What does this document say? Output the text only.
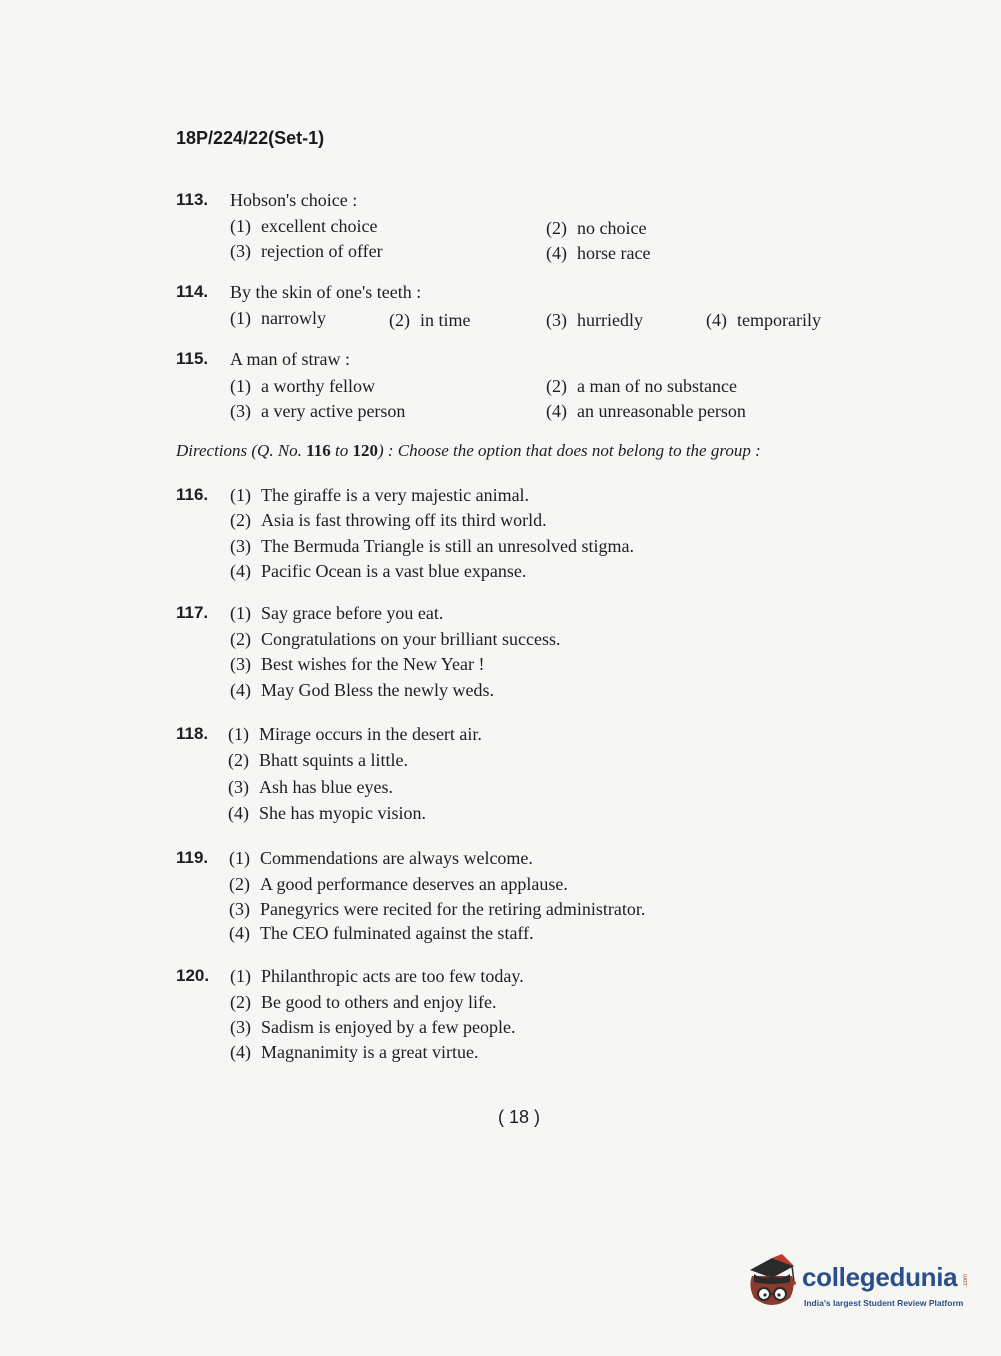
18P/224/22(Set-1)
113. Hobson's choice :
(1) excellent choice	(2) no choice
(3) rejection of offer	(4) horse race
114. By the skin of one's teeth :
(1) narrowly	(2) in time	(3) hurriedly	(4) temporarily
115. A man of straw :
(1) a worthy fellow	(2) a man of no substance
(3) a very active person	(4) an unreasonable person
Directions (Q. No. 116 to 120) : Choose the option that does not belong to the group :
116. (1) The giraffe is a very majestic animal.
(2) Asia is fast throwing off its third world.
(3) The Bermuda Triangle is still an unresolved stigma.
(4) Pacific Ocean is a vast blue expanse.
117. (1) Say grace before you eat.
(2) Congratulations on your brilliant success.
(3) Best wishes for the New Year !
(4) May God Bless the newly weds.
118. (1) Mirage occurs in the desert air.
(2) Bhatt squints a little.
(3) Ash has blue eyes.
(4) She has myopic vision.
119. (1) Commendations are always welcome.
(2) A good performance deserves an applause.
(3) Panegyrics were recited for the retiring administrator.
(4) The CEO fulminated against the staff.
120. (1) Philanthropic acts are too few today.
(2) Be good to others and enjoy life.
(3) Sadism is enjoyed by a few people.
(4) Magnanimity is a great virtue.
( 18 )
collegedunia .com
India's largest Student Review Platform
